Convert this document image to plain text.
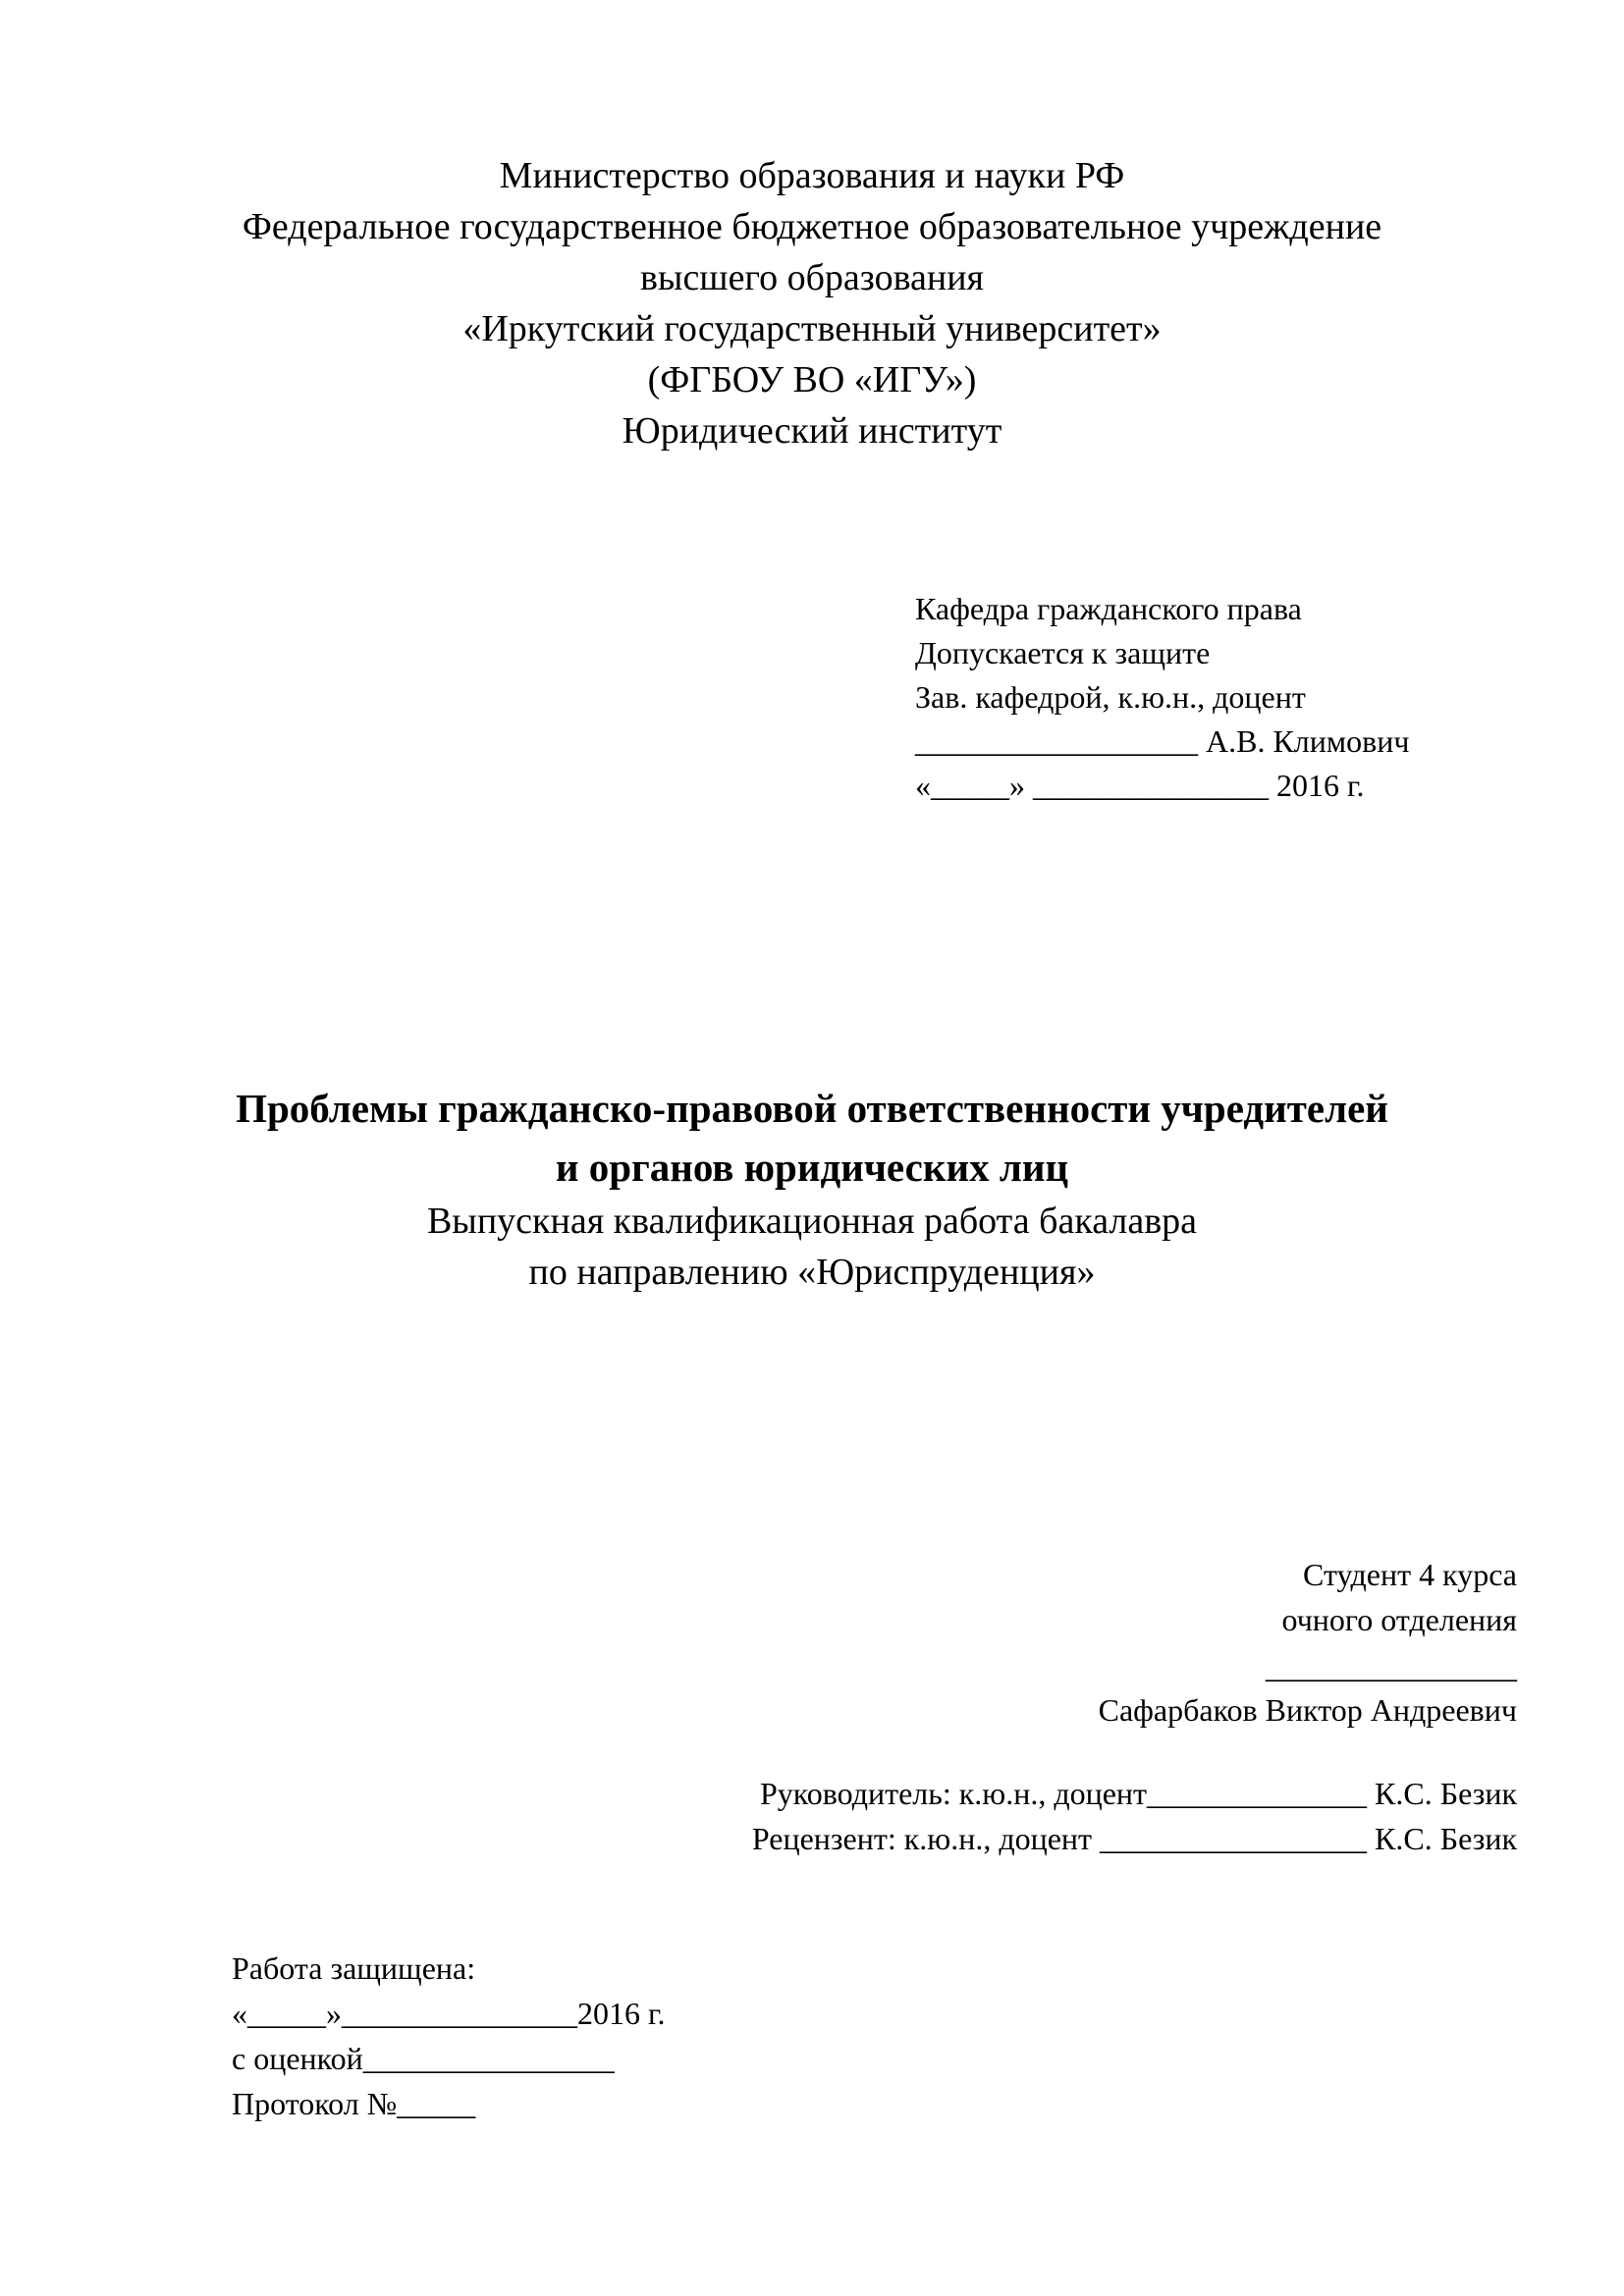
Министерство образования и науки РФ

Федеральное государственное бюджетное образовательное учреждение

высшего образования

«Иркутский государственный университет»

(ФГБОУ ВО «ИГУ»)

Юридический институт

Кафедра гражданского права

Допускается к защите

Зав. кафедрой, к.ю.н., доцент

__________________ А.В. Климович

«_____» _______________ 2016 г.

Проблемы гражданско-правовой ответственности учредителей

и органов юридических лиц

Выпускная квалификационная работа бакалавра

по направлению «Юриспруденция»

Студент 4 курса

очного отделения

________________

Сафарбаков Виктор Андреевич

Руководитель: к.ю.н., доцент______________ К.С. Безик

Рецензент: к.ю.н., доцент _________________ К.С. Безик

Работа защищена:

«_____»_______________2016 г.

с оценкой________________

Протокол №_____
